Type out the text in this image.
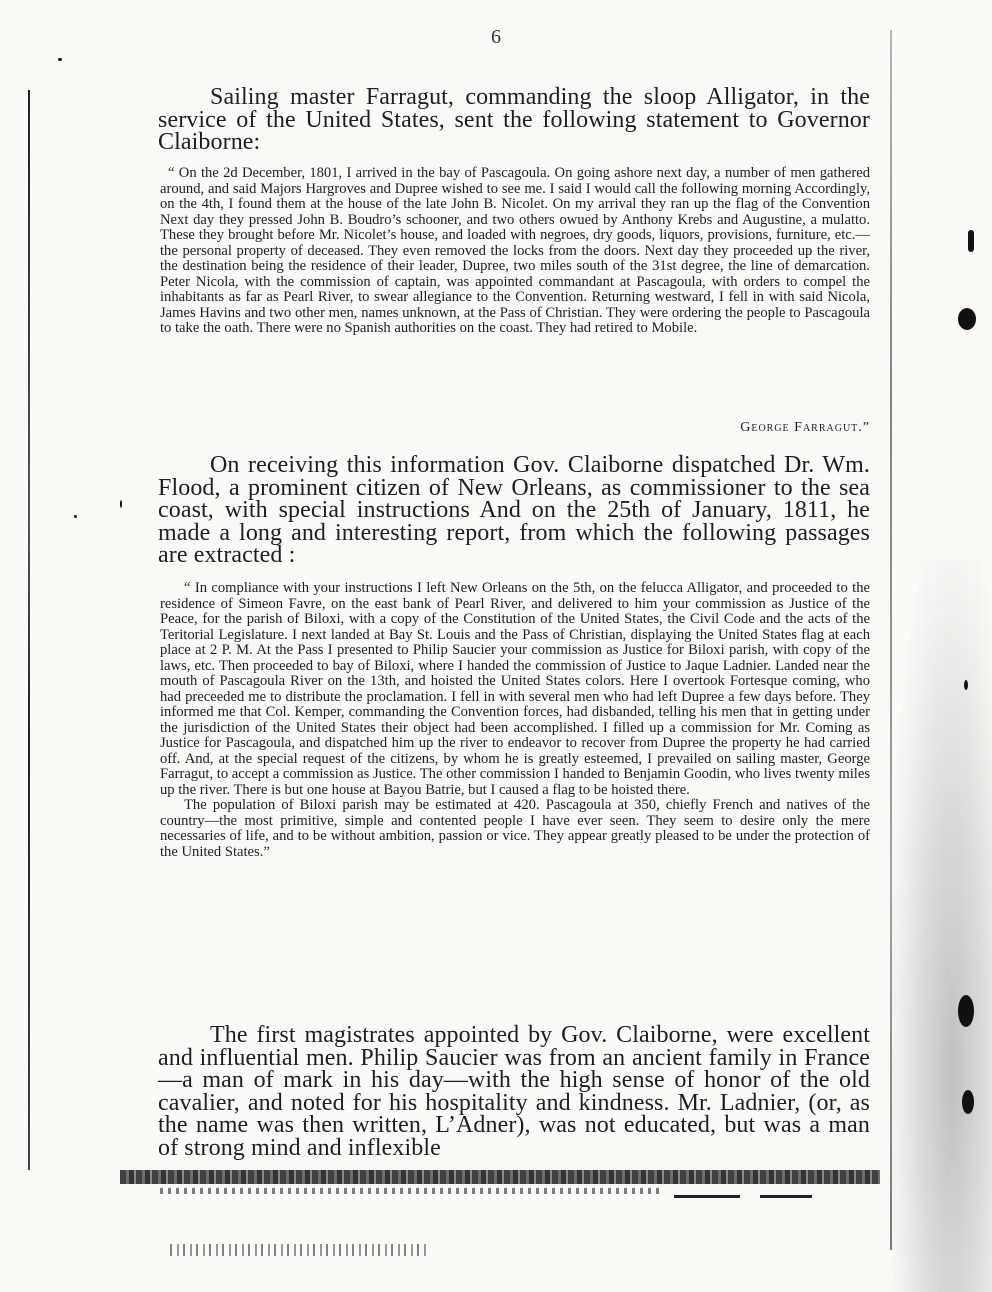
6
Sailing master Farragut, commanding the sloop Alligator, in the service of the United States, sent the following statement to Governor Claiborne:

“ On the 2d December, 1801, I arrived in the bay of Pascagoula. On going ashore next day, a number of men gathered around, and said Majors Hargroves and Dupree wished to see me. I said I would call the following morning Accordingly, on the 4th, I found them at the house of the late John B. Nicolet. On my arrival they ran up the flag of the Convention Next day they pressed John B. Boudro’s schooner, and two others owued by Anthony Krebs and Augustine, a mulatto. These they brought before Mr. Nicolet’s house, and loaded with negroes, dry goods, liquors, provisions, furniture, etc.—the personal property of deceased. They even removed the locks from the doors. Next day they proceeded up the river, the destination being the residence of their leader, Dupree, two miles south of the 31st degree, the line of demarcation. Peter Nicola, with the commission of captain, was appointed commandant at Pascagoula, with orders to compel the inhabitants as far as Pearl River, to swear allegiance to the Convention. Returning westward, I fell in with said Nicola, James Havins and two other men, names unknown, at the Pass of Christian. They were ordering the people to Pascagoula to take the oath. There were no Spanish authorities on the coast. They had retired to Mobile.

George Farragut.”
On receiving this information Gov. Claiborne dispatched Dr. Wm. Flood, a prominent citizen of New Orleans, as commissioner to the sea coast, with special instructions And on the 25th of January, 1811, he made a long and interesting report, from which the following passages are extracted :

“ In compliance with your instructions I left New Orleans on the 5th, on the felucca Alligator, and proceeded to the residence of Simeon Favre, on the east bank of Pearl River, and delivered to him your commission as Justice of the Peace, for the parish of Biloxi, with a copy of the Constitution of the United States, the Civil Code and the acts of the Teritorial Legislature. I next landed at Bay St. Louis and the Pass of Christian, displaying the United States flag at each place at 2 P. M. At the Pass I presented to Philip Saucier your commission as Justice for Biloxi parish, with copy of the laws, etc. Then proceeded to bay of Biloxi, where I handed the commission of Justice to Jaque Ladnier. Landed near the mouth of Pascagoula River on the 13th, and hoisted the United States colors. Here I overtook Fortesque coming, who had preceeded me to distribute the proclamation. I fell in with several men who had left Dupree a few days before. They informed me that Col. Kemper, commanding the Convention forces, had disbanded, telling his men that in getting under the jurisdiction of the United States their object had been accomplished. I filled up a commission for Mr. Coming as Justice for Pascagoula, and dispatched him up the river to endeavor to recover from Dupree the property he had carried off. And, at the special request of the citizens, by whom he is greatly esteemed, I prevailed on sailing master, George Farragut, to accept a commission as Justice. The other commission I handed to Benjamin Goodin, who lives twenty miles up the river. There is but one house at Bayou Batrie, but I caused a flag to be hoisted there.

The population of Biloxi parish may be estimated at 420. Pascagoula at 350, chiefly French and natives of the country—the most primitive, simple and contented people I have ever seen. They seem to desire only the mere necessaries of life, and to be without ambition, passion or vice. They appear greatly pleased to be under the protection of the United States.”

The first magistrates appointed by Gov. Claiborne, were excellent and influential men. Philip Saucier was from an ancient family in France—a man of mark in his day—with the high sense of honor of the old cavalier, and noted for his hospitality and kindness. Mr. Ladnier, (or, as the name was then written, L’Adner), was not educated, but was a man of strong mind and inflexible
